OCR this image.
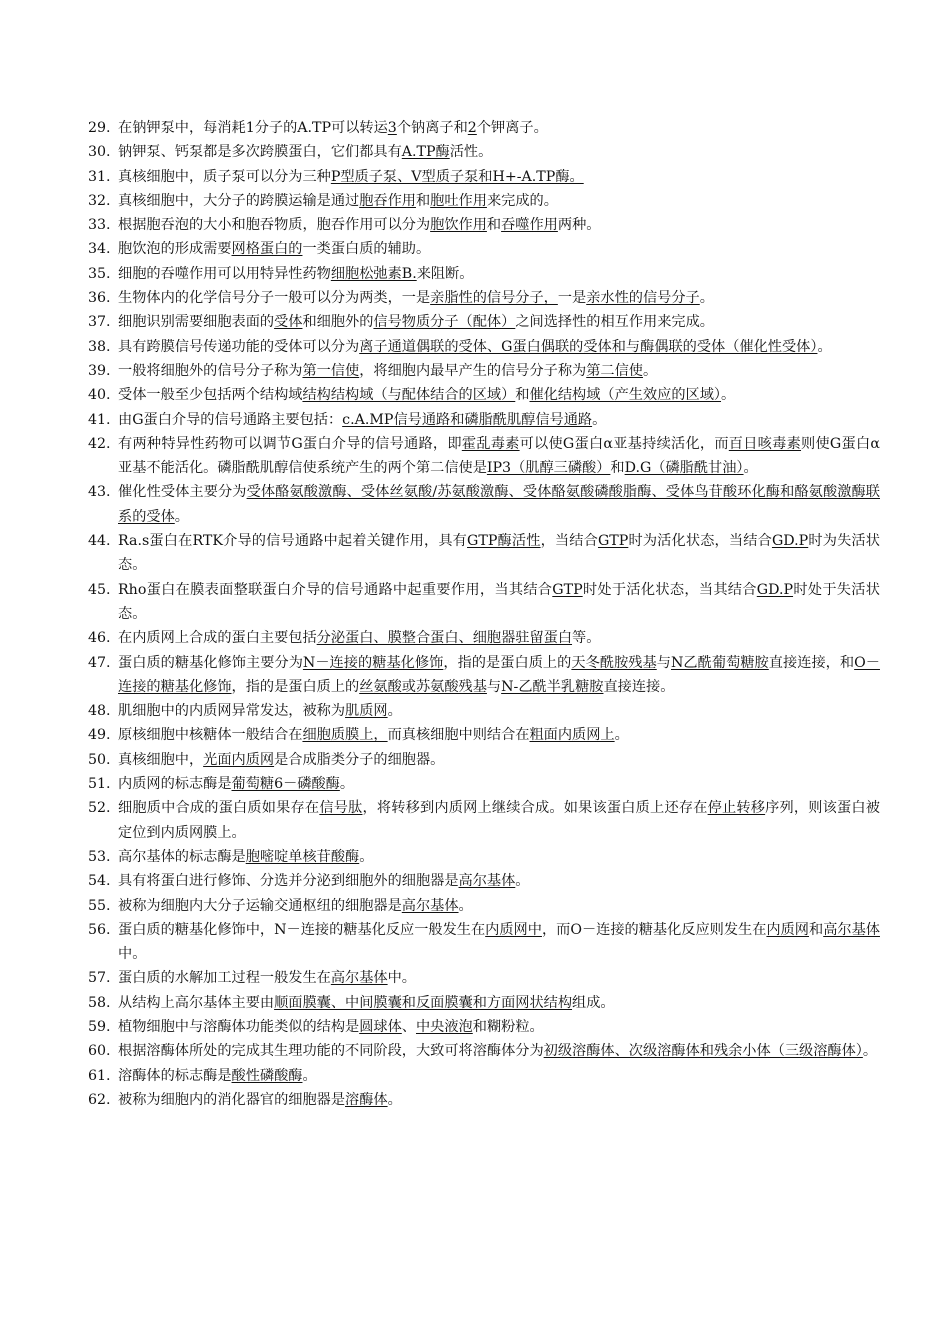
29. 在钠钾泵中，每消耗1分子的A.TP可以转运3个钠离子和2个钾离子。
30. 钠钾泵、钙泵都是多次跨膜蛋白，它们都具有A.TP酶活性。
31. 真核细胞中，质子泵可以分为三种P型质子泵、V型质子泵和H+-A.TP酶。
32. 真核细胞中，大分子的跨膜运输是通过胞吞作用和胞吐作用来完成的。
33. 根据胞吞泡的大小和胞吞物质，胞吞作用可以分为胞饮作用和吞噬作用两种。
34. 胞饮泡的形成需要网格蛋白的一类蛋白质的辅助。
35. 细胞的吞噬作用可以用特异性药物细胞松弛素B.来阻断。
36. 生物体内的化学信号分子一般可以分为两类，一是亲脂性的信号分子，一是亲水性的信号分子。
37. 细胞识别需要细胞表面的受体和细胞外的信号物质分子（配体）之间选择性的相互作用来完成。
38. 具有跨膜信号传递功能的受体可以分为离子通道偶联的受体、G蛋白偶联的受体和与酶偶联的受体（催化性受体）。
39. 一般将细胞外的信号分子称为第一信使，将细胞内最早产生的信号分子称为第二信使。
40. 受体一般至少包括两个结构域结构结构域（与配体结合的区域）和催化结构域（产生效应的区域）。
41. 由G蛋白介导的信号通路主要包括：c.A.MP信号通路和磷脂酰肌醇信号通路。
42. 有两种特异性药物可以调节G蛋白介导的信号通路，即霍乱毒素可以使G蛋白α亚基持续活化，而百日咳毒素则使G蛋白α亚基不能活化。磷脂酰肌醇信使系统产生的两个第二信使是IP3（肌醇三磷酸）和D.G（磷脂酰甘油）。
43. 催化性受体主要分为受体酪氨酸激酶、受体丝氨酸/苏氨酸激酶、受体酪氨酸磷酸脂酶、受体鸟苷酸环化酶和酪氨酸激酶联系的受体。
44. Ra.s蛋白在RTK介导的信号通路中起着关键作用，具有GTP酶活性，当结合GTP时为活化状态，当结合GD.P时为失活状态。
45. Rho蛋白在膜表面整联蛋白介导的信号通路中起重要作用，当其结合GTP时处于活化状态，当其结合GD.P时处于失活状态。
46. 在内质网上合成的蛋白主要包括分泌蛋白、膜整合蛋白、细胞器驻留蛋白等。
47. 蛋白质的糖基化修饰主要分为N－连接的糖基化修饰，指的是蛋白质上的天冬酰胺残基与N乙酰葡萄糖胺直接连接，和O－连接的糖基化修饰，指的是蛋白质上的丝氨酸或苏氨酸残基与N-乙酰半乳糖胺直接连接。
48. 肌细胞中的内质网异常发达，被称为肌质网。
49. 原核细胞中核糖体一般结合在细胞质膜上，而真核细胞中则结合在粗面内质网上。
50. 真核细胞中，光面内质网是合成脂类分子的细胞器。
51. 内质网的标志酶是葡萄糖6－磷酸酶。
52. 细胞质中合成的蛋白质如果存在信号肽，将转移到内质网上继续合成。如果该蛋白质上还存在停止转移序列，则该蛋白被定位到内质网膜上。
53. 高尔基体的标志酶是胞嘧啶单核苷酸酶。
54. 具有将蛋白进行修饰、分选并分泌到细胞外的细胞器是高尔基体。
55. 被称为细胞内大分子运输交通枢纽的细胞器是高尔基体。
56. 蛋白质的糖基化修饰中，N－连接的糖基化反应一般发生在内质网中，而O－连接的糖基化反应则发生在内质网和高尔基体中。
57. 蛋白质的水解加工过程一般发生在高尔基体中。
58. 从结构上高尔基体主要由顺面膜囊、中间膜囊和反面膜囊和方面网状结构组成。
59. 植物细胞中与溶酶体功能类似的结构是圆球体、中央液泡和糊粉粒。
60. 根据溶酶体所处的完成其生理功能的不同阶段，大致可将溶酶体分为初级溶酶体、次级溶酶体和残余小体（三级溶酶体）。
61. 溶酶体的标志酶是酸性磷酸酶。
62. 被称为细胞内的消化器官的细胞器是溶酶体。
